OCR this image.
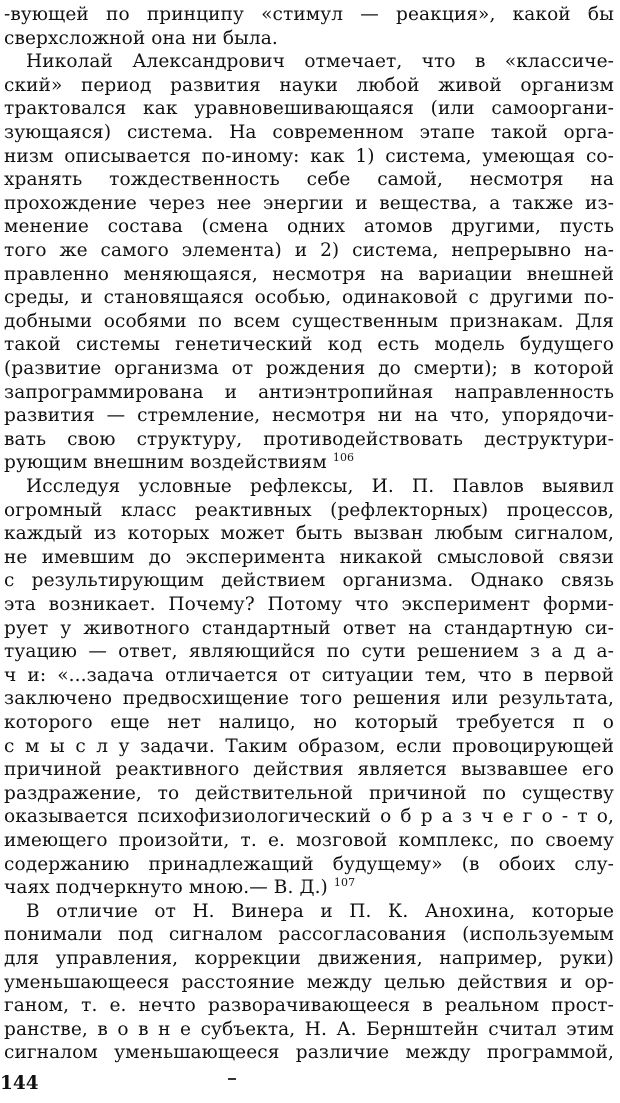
-вующей по принципу «стимул — реакция», какой бы
сверхсложной она ни была.
Николай Александрович отмечает, что в «классиче-
ский» период развития науки любой живой организм
трактовался как уравновешивающаяся (или самооргани-
зующаяся) система. На современном этапе такой орга-
низм описывается по-иному: как 1) система, умеющая со-
хранять тождественность себе самой, несмотря на
прохождение через нее энергии и вещества, а также из-
менение состава (смена одних атомов другими, пусть
того же самого элемента) и 2) система, непрерывно на-
правленно меняющаяся, несмотря на вариации внешней
среды, и становящаяся особью, одинаковой с другими по-
добными особями по всем существенным признакам. Для
такой системы генетический код есть модель будущего
(развитие организма от рождения до смерти); в которой
запрограммирована и антиэнтропийная направленность
развития — стремление, несмотря ни на что, упорядочи-
вать свою структуру, противодействовать деструктури-
рующим внешним воздействиям $^{106}$
Исследуя условные рефлексы, И. П. Павлов выявил
огромный класс реактивных (рефлекторных) процессов,
каждый из которых может быть вызван любым сигналом,
не имевшим до эксперимента никакой смысловой связи
с результирующим действием организма. Однако связь
эта возникает. Почему? Потому что эксперимент форми-
рует у животного стандартный ответ на стандартную си-
туацию — ответ, являющийся по сути решением з а д а-
ч и: «...задача отличается от ситуации тем, что в первой
заключено предвосхищение того решения или результата,
которого еще нет налицо, но который требуется п о
с м ы с л у задачи. Таким образом, если провоцирующей
причиной реактивного действия является вызвавшее его
раздражение, то действительной причиной по существу
оказывается психофизиологический о б р а з ч е г о - т о,
имеющего произойти, т. е. мозговой комплекс, по своему
содержанию принадлежащий будущему» (в обоих слу-
чаях подчеркнуто мною.— В. Д.) $^{107}$
В отличие от Н. Винера и П. К. Анохина, которые
понимали под сигналом рассогласования (используемым
для управления, коррекции движения, например, руки)
уменьшающееся расстояние между целью действия и ор-
ганом, т. е. нечто разворачивающееся в реальном прост-
ранстве, в о в н е субъекта, Н. А. Бернштейн считал этим
сигналом уменьшающееся различие между программой,
144
